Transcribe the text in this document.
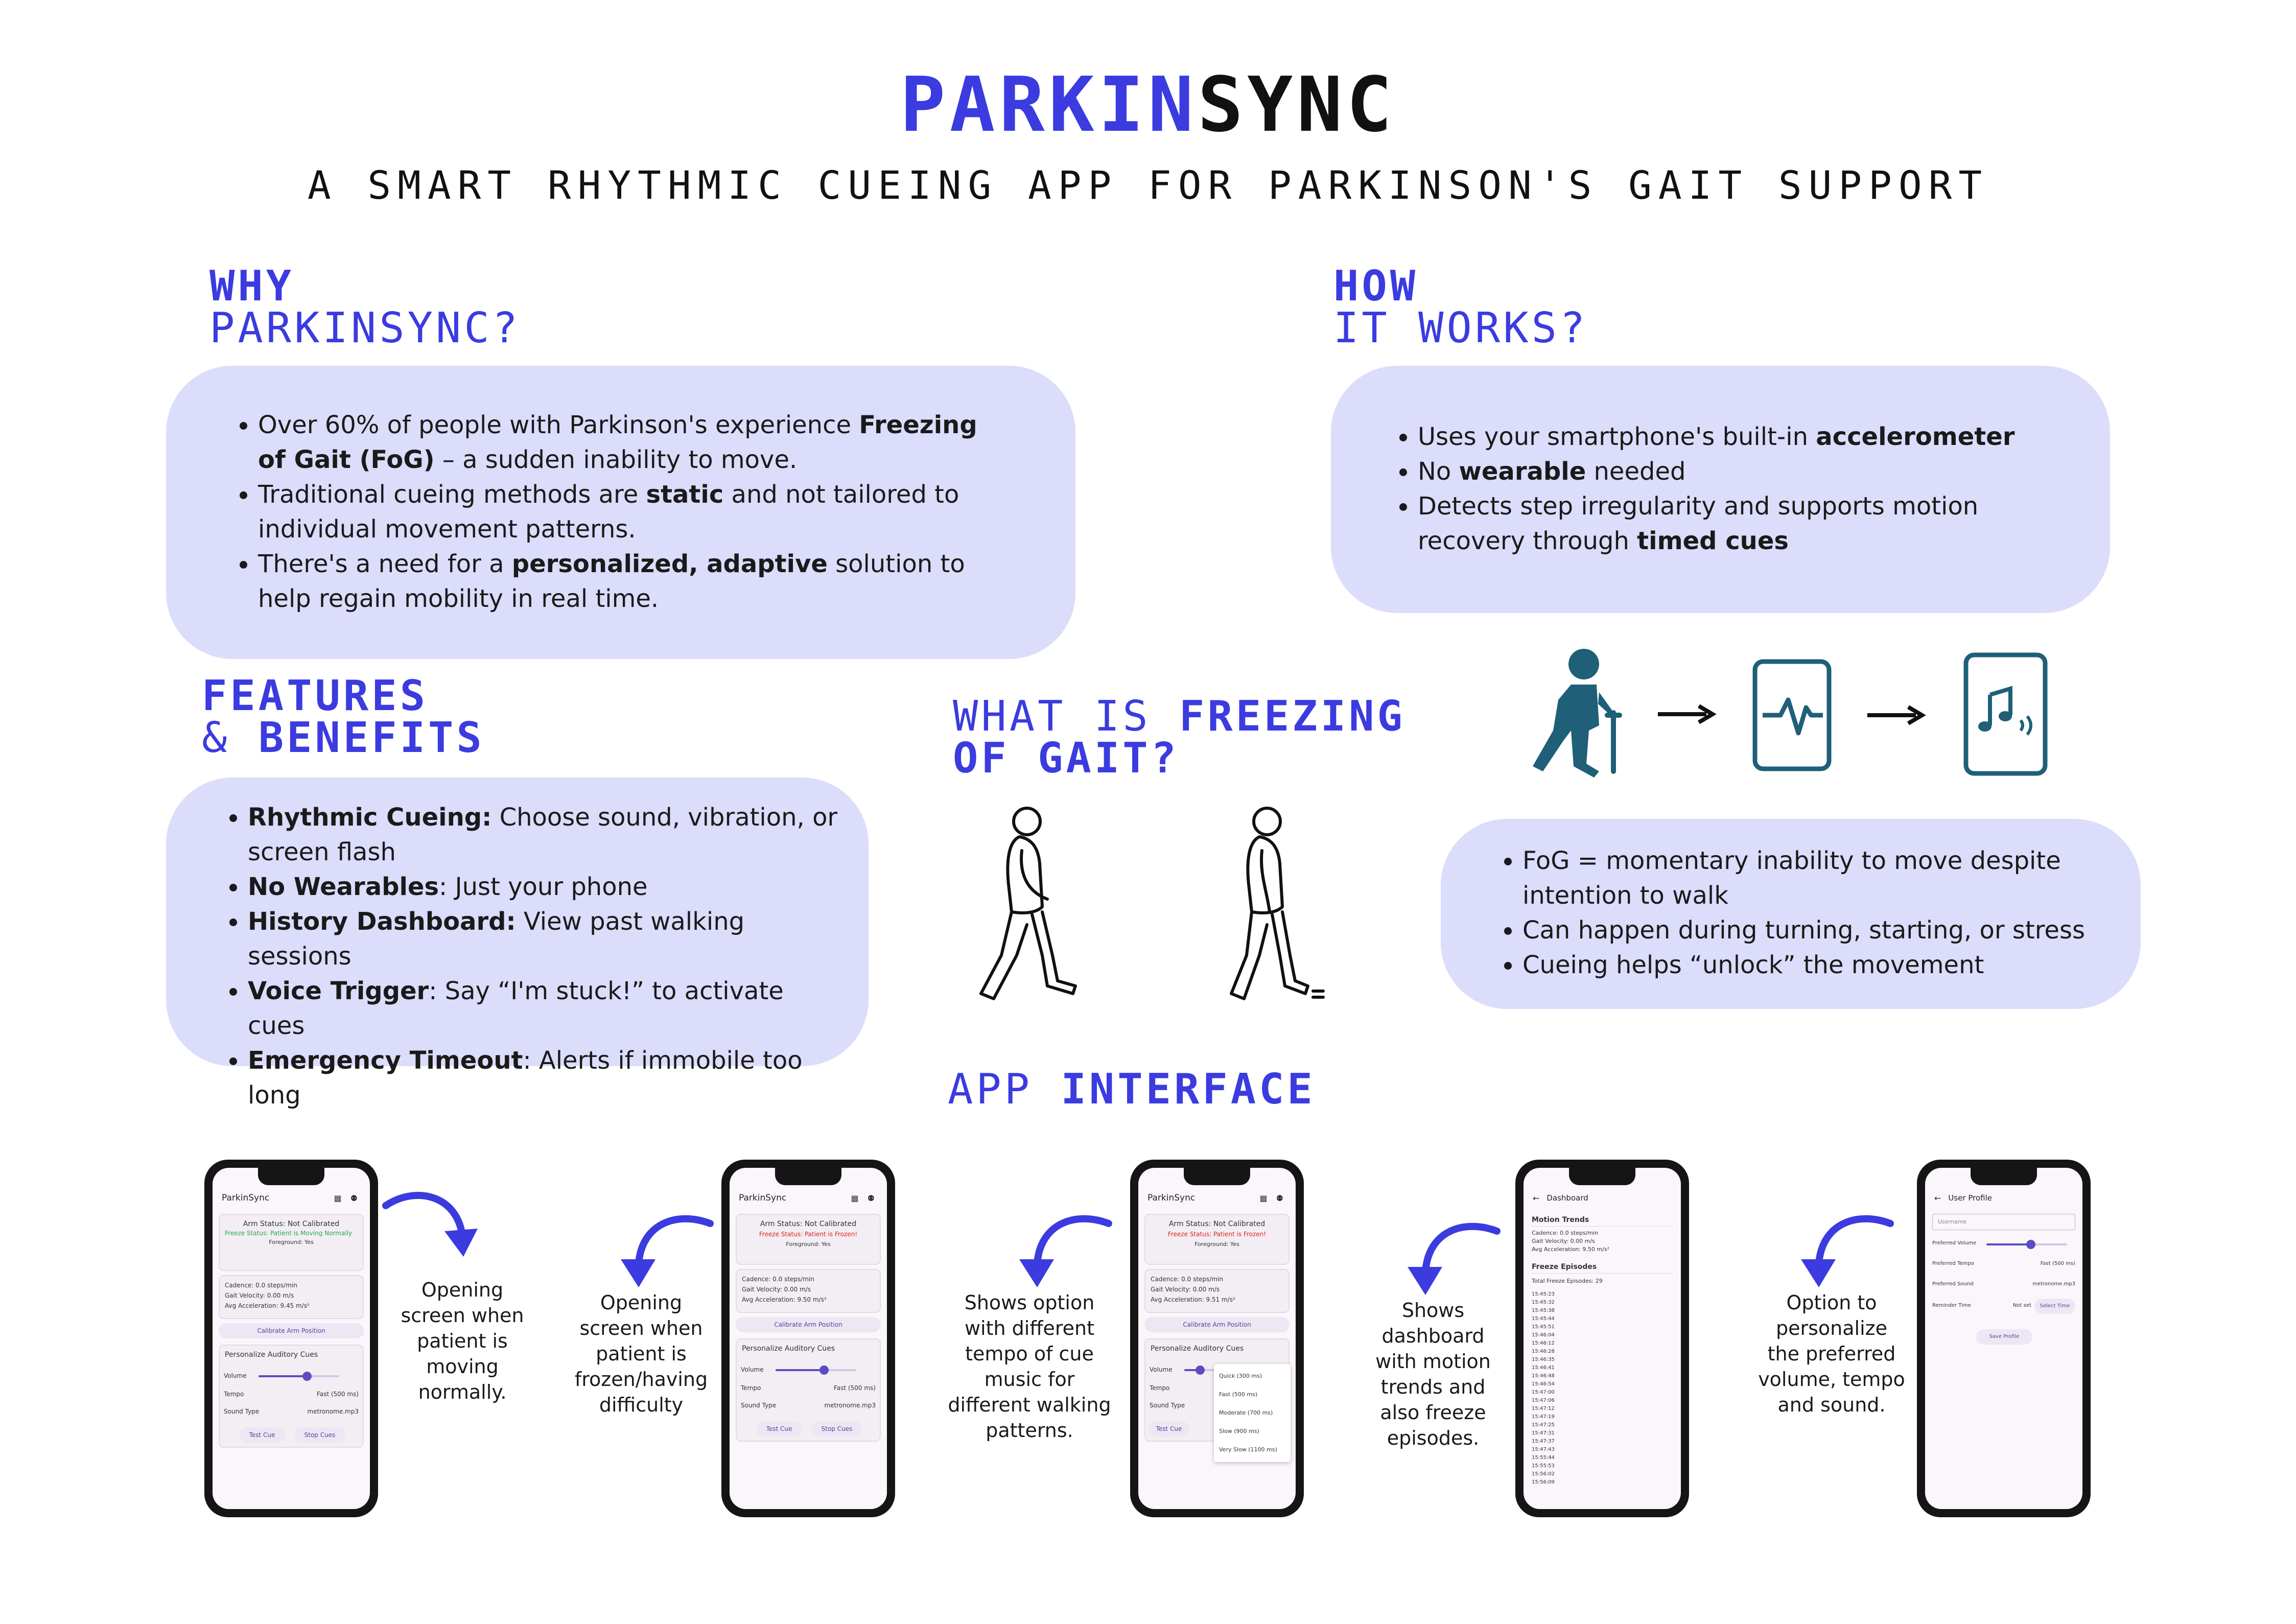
PARKINSYNC
A SMART RHYTHMIC CUEING APP FOR PARKINSON'S GAIT SUPPORT
WHY
PARKINSYNC?
• Over 60% of people with Parkinson's experience Freezing of Gait (FoG) – a sudden inability to move.
• Traditional cueing methods are static and not tailored to individual movement patterns.
• There's a need for a personalized, adaptive solution to help regain mobility in real time.
HOW
IT WORKS?
• Uses your smartphone's built-in accelerometer
• No wearable needed
• Detects step irregularity and supports motion recovery through timed cues
FEATURES
& BENEFITS
• Rhythmic Cueing: Choose sound, vibration, or screen flash
• No Wearables: Just your phone
• History Dashboard: View past walking sessions
• Voice Trigger: Say “I'm stuck!” to activate cues
• Emergency Timeout: Alerts if immobile too long
WHAT IS FREEZING
OF GAIT?
• FoG = momentary inability to move despite intention to walk
• Can happen during turning, starting, or stress
• Cueing helps “unlock” the movement
APP INTERFACE
ParkinSync	▦ ⚉
Arm Status: Not Calibrated
Freeze Status: Patient is Moving Normally
Foreground: Yes
Cadence: 0.0 steps/min
Gait Velocity: 0.00 m/s
Avg Acceleration: 9.45 m/s²
Calibrate Arm Position
Personalize Auditory Cues
Volume
Tempo	Fast (500 ms)
Sound Type	metronome.mp3
Test Cue	Stop Cues
ParkinSync	▦ ⚉
Arm Status: Not Calibrated
Freeze Status: Patient is Frozen!
Foreground: Yes
Cadence: 0.0 steps/min
Gait Velocity: 0.00 m/s
Avg Acceleration: 9.50 m/s²
Calibrate Arm Position
Personalize Auditory Cues
Volume
Tempo	Fast (500 ms)
Sound Type	metronome.mp3
Test Cue	Stop Cues
ParkinSync	▦ ⚉
Arm Status: Not Calibrated
Freeze Status: Patient is Frozen!
Foreground: Yes
Cadence: 0.0 steps/min
Gait Velocity: 0.00 m/s
Avg Acceleration: 9.51 m/s²
Calibrate Arm Position
Personalize Auditory Cues
Volume
Tempo
Sound Type
Test Cue
Quick (300 ms)
Fast (500 ms)
Moderate (700 ms)
Slow (900 ms)
Very Slow (1100 ms)
← Dashboard
Motion Trends
Cadence: 0.0 steps/min
Gait Velocity: 0.00 m/s
Avg Acceleration: 9.50 m/s²
Freeze Episodes
Total Freeze Episodes: 29
15:45:23
15:45:32
15:45:38
15:45:44
15:45:51
15:46:04
15:46:12
15:46:28
15:46:35
15:46:41
15:46:48
15:46:54
15:47:00
15:47:06
15:47:12
15:47:19
15:47:25
15:47:31
15:47:37
15:47:43
15:55:44
15:55:53
15:56:02
15:56:09
← User Profile
Username
Preferred Volume
Preferred Tempo	Fast (500 ms)
Preferred Sound	metronome.mp3
Reminder Time	Not set	Select Time
Save Profile
Opening screen when patient is moving normally.
Opening screen when patient is frozen/having difficulty
Shows option with different tempo of cue music for different walking patterns.
Shows dashboard with motion trends and also freeze episodes.
Option to personalize the preferred volume, tempo and sound.
